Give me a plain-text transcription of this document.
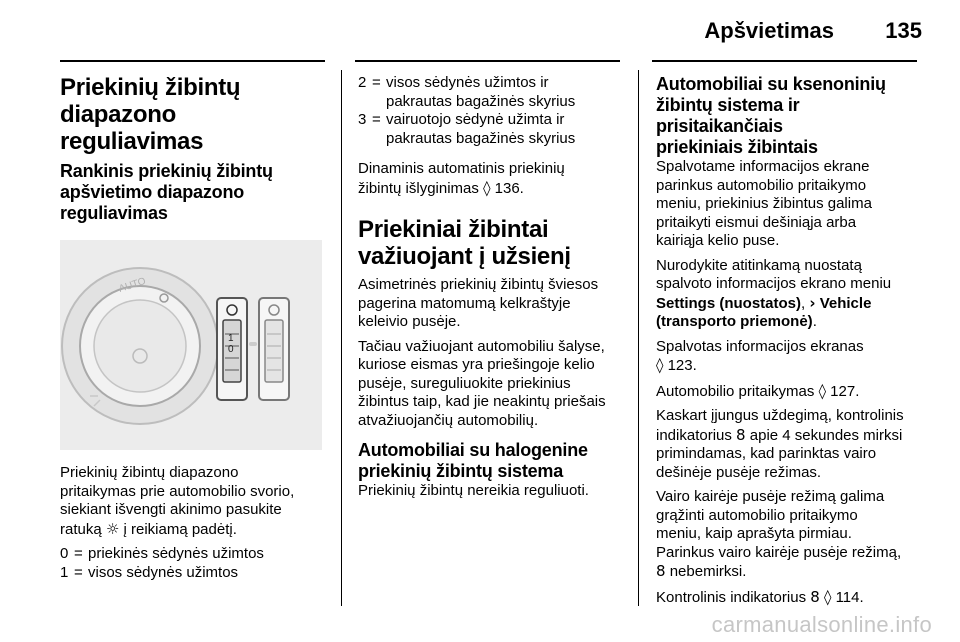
Apšvietimas 135
Priekinių žibintų diapazono
reguliavimas
Rankinis priekinių žibintų
apšvietimo diapazono
reguliavimas
AUTO
1
0
Priekinių žibintų diapazono
pritaikymas prie automobilio svorio,
siekiant išvengti akinimo pasukite
ratuką ☼ į reikiamą padėtį.
0 = priekinės sėdynės užimtos
1 = visos sėdynės užimtos
2 = visos sėdynės užimtos ir
pakrautas bagažinės skyrius
3 = vairuotojo sėdynė užimta ir
pakrautas bagažinės skyrius
Dinaminis automatinis priekinių
žibintų išlyginimas ◊ 136.
Priekiniai žibintai
važiuojant į užsienį
Asimetrinės priekinių žibintų šviesos
pagerina matomumą kelkraštyje
keleivio pusėje.
Tačiau važiuojant automobiliu šalyse,
kuriose eismas yra priešingoje kelio
pusėje, sureguliuokite priekinius
žibintus taip, kad jie neakintų priešais
atvažiuojančių automobilių.
Automobiliai su halogenine
priekinių žibintų sistema
Priekinių žibintų nereikia reguliuoti.
Automobiliai su ksenoninių
žibintų sistema ir prisitaikančiais
priekiniais žibintais
Spalvotame informacijos ekrane
parinkus automobilio pritaikymo
meniu, priekinius žibintus galima
pritaikyti eismui dešiniąja arba
kairiąja kelio puse.
Nurodykite atitinkamą nuostatą
spalvoto informacijos ekrano meniu
Settings (nuostatos), › Vehicle
(transporto priemonė).
Spalvotas informacijos ekranas
◊ 123.
Automobilio pritaikymas ◊ 127.
Kaskart įjungus uždegimą, kontrolinis
indikatorius 8 apie 4 sekundes mirksi
primindamas, kad parinktas vairo
dešinėje pusėje režimas.
Vairo kairėje pusėje režimą galima
grąžinti automobilio pritaikymo
meniu, kaip aprašyta pirmiau.
Parinkus vairo kairėje pusėje režimą,
8 nebemirksi.
Kontrolinis indikatorius 8 ◊ 114.
carmanualsonline.info
